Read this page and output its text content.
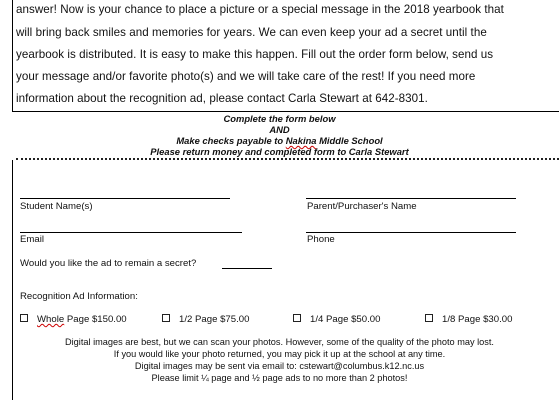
answer! Now is your chance to place a picture or a special message in the 2018 yearbook that
will bring back smiles and memories for years. We can even keep your ad a secret until the
yearbook is distributed. It is easy to make this happen. Fill out the order form below, send us
your message and/or favorite photo(s) and we will take care of the rest! If you need more
information about the recognition ad, please contact Carla Stewart at 642-8301.
Complete the form below
AND
Make checks payable to Nakina Middle School
Please return money and completed form to Carla Stewart
Student Name(s)	Parent/Purchaser's Name
Email	Phone
Would you like the ad to remain a secret?
Recognition Ad Information:
Whole Page $150.00	1/2 Page $75.00	1/4 Page $50.00	1/8 Page $30.00
Digital images are best, but we can scan your photos. However, some of the quality of the photo may lost.
If you would like your photo returned, you may pick it up at the school at any time.
Digital images may be sent via email to: cstewart@columbus.k12.nc.us
Please limit ¼ page and ½ page ads to no more than 2 photos!
